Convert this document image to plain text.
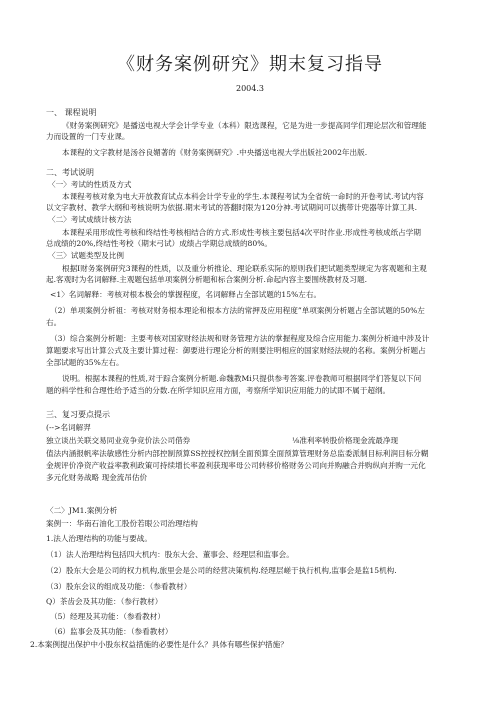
《财务案例研究》期末复习指导
2004.3
一、 课程说明
《财务案例研究》是播送电视大学会计学专业（本科）限选课程，它是为进一步提高同学们理论层次和管理能
力而设置的一门专业课。
本课程的文字教材是汤谷良媚著的《财务案例研究》.中央播送电视大学出版社2002年出版.
二、考试说明
〈一〉考试的性质及方式
本课程考核对象为电大开放教育试点本科会计学专业的学生.本课程考试为全省统一命时的开卷考试.考试内容
以文字教材、教学大纲和考核说明为依据.期末考试的答翻时限为120分神.考试期间可以携带计兜器等计算工具.
〈二〉考试成绩计核方法
本课程采用形成性考核和终结性考核相结合的方式.形成性考核主要包括4次平时作业.形成性考核成纸占学期
总成绩的20%,终结性考校（期末弓试）成绩占学期总成绩的80%。
〈三〉试题类型及比例
根据I财务案例研究3课程的性质，以及重分析推论、理论联系实际的原则我们把试题类型规定为客观题和主观
起.客观时为名词解释.主观题包括单项案例分析题和标合案例分析.命起内容主要围绕教材及习题.
<1〉名词解释：考核对根本极会的掌握程度，名词解释占全部试题的15%左右。
（2）单项案例分析祖：考核对财务根本理论和根本方法的常押及应用程度”单项案例分析题占全部试题的50%左
右。
（3）综合案例分析题：主要考核对国家财经法规和财务管理方法的掌握程度及综合应用能力.案例分析迪中涉及计
算题要求写出计算公式及主要计算过程：御要进行理论分析的则要注明相应的国家财经法规的名称。案例分析题占
全部试题的35%左右。
说明。根据本课程的性质,对于踪合案例分析题.命魏教Mi只提供参考答案.评卷教师可根据同学们答复以下问
题的科学性和合理性给予适当的分数.在所学知识应用方面，考察所学知识应用能力的试即不属于超纲。
三、复习要点提示
(-->名词解羿
独立谈出关联交易同业竞争竞价法公司借券	⅛准利率转股价格现金流最净现
值法内涵报帆率法敏感性分析内部控制预算SS控授权控制全面预算全面预算管理财务总监委派制目标利润目标分糊
金规评价净资产收益率教利政策可持续增长率盈利获现率母公司转移价格财务公司向并购融合并购纵向并购一元化
多元化财务战略 现金流吊估价
〈二〉JM1.案例分析
案例一：华南石油化工股份若眼公司治理结构
1.法人治理结构的功能与要战。
（1）法人治理结构包括四大机内：股东大会、董事会、经理层和监事会。
（2）股东大会是公司的权力机构,旅里会是公司的经营决策机构.经理层嵯于执行机构,监事会是监15机构.
（3）股东会议的组成及功能：（参看教材）
Q）茶齿会及其功能：（参行教材）
（5）经理及其功能：（参看教材）
（6）监事会及其功能：（参看教材）
2.本案例提出保护中小股东权益措施的必要性是什么？具体有哪些保护措施？
